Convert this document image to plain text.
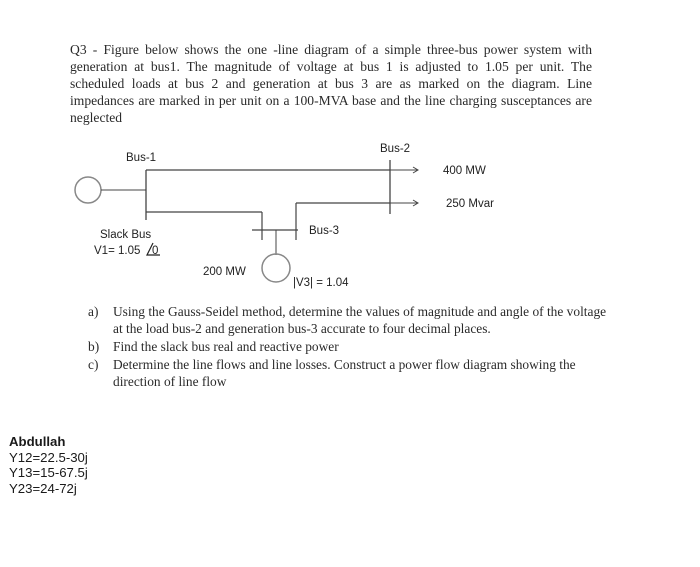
Q3 - Figure below shows the one -line diagram of a simple three-bus power system with generation at bus1. The magnitude of voltage at bus 1 is adjusted to 1.05 per unit. The scheduled loads at bus 2 and generation at bus 3 are as marked on the diagram. Line impedances are marked in per unit on a 100-MVA base and the line charging susceptances are neglected
Bus-1
Bus-2
Bus-3
400 MW
250 Mvar
Slack Bus
V1= 1.05 0
200 MW
|V3| = 1.04
a)	Using the Gauss-Seidel method, determine the values of magnitude and angle of the voltage at the load bus-2 and generation bus-3 accurate to four decimal places.
b)	Find the slack bus real and reactive power
c)	Determine the line flows and line losses. Construct a power flow diagram showing the direction of line flow
Abdullah
Y12=22.5-30j
Y13=15-67.5j
Y23=24-72j
